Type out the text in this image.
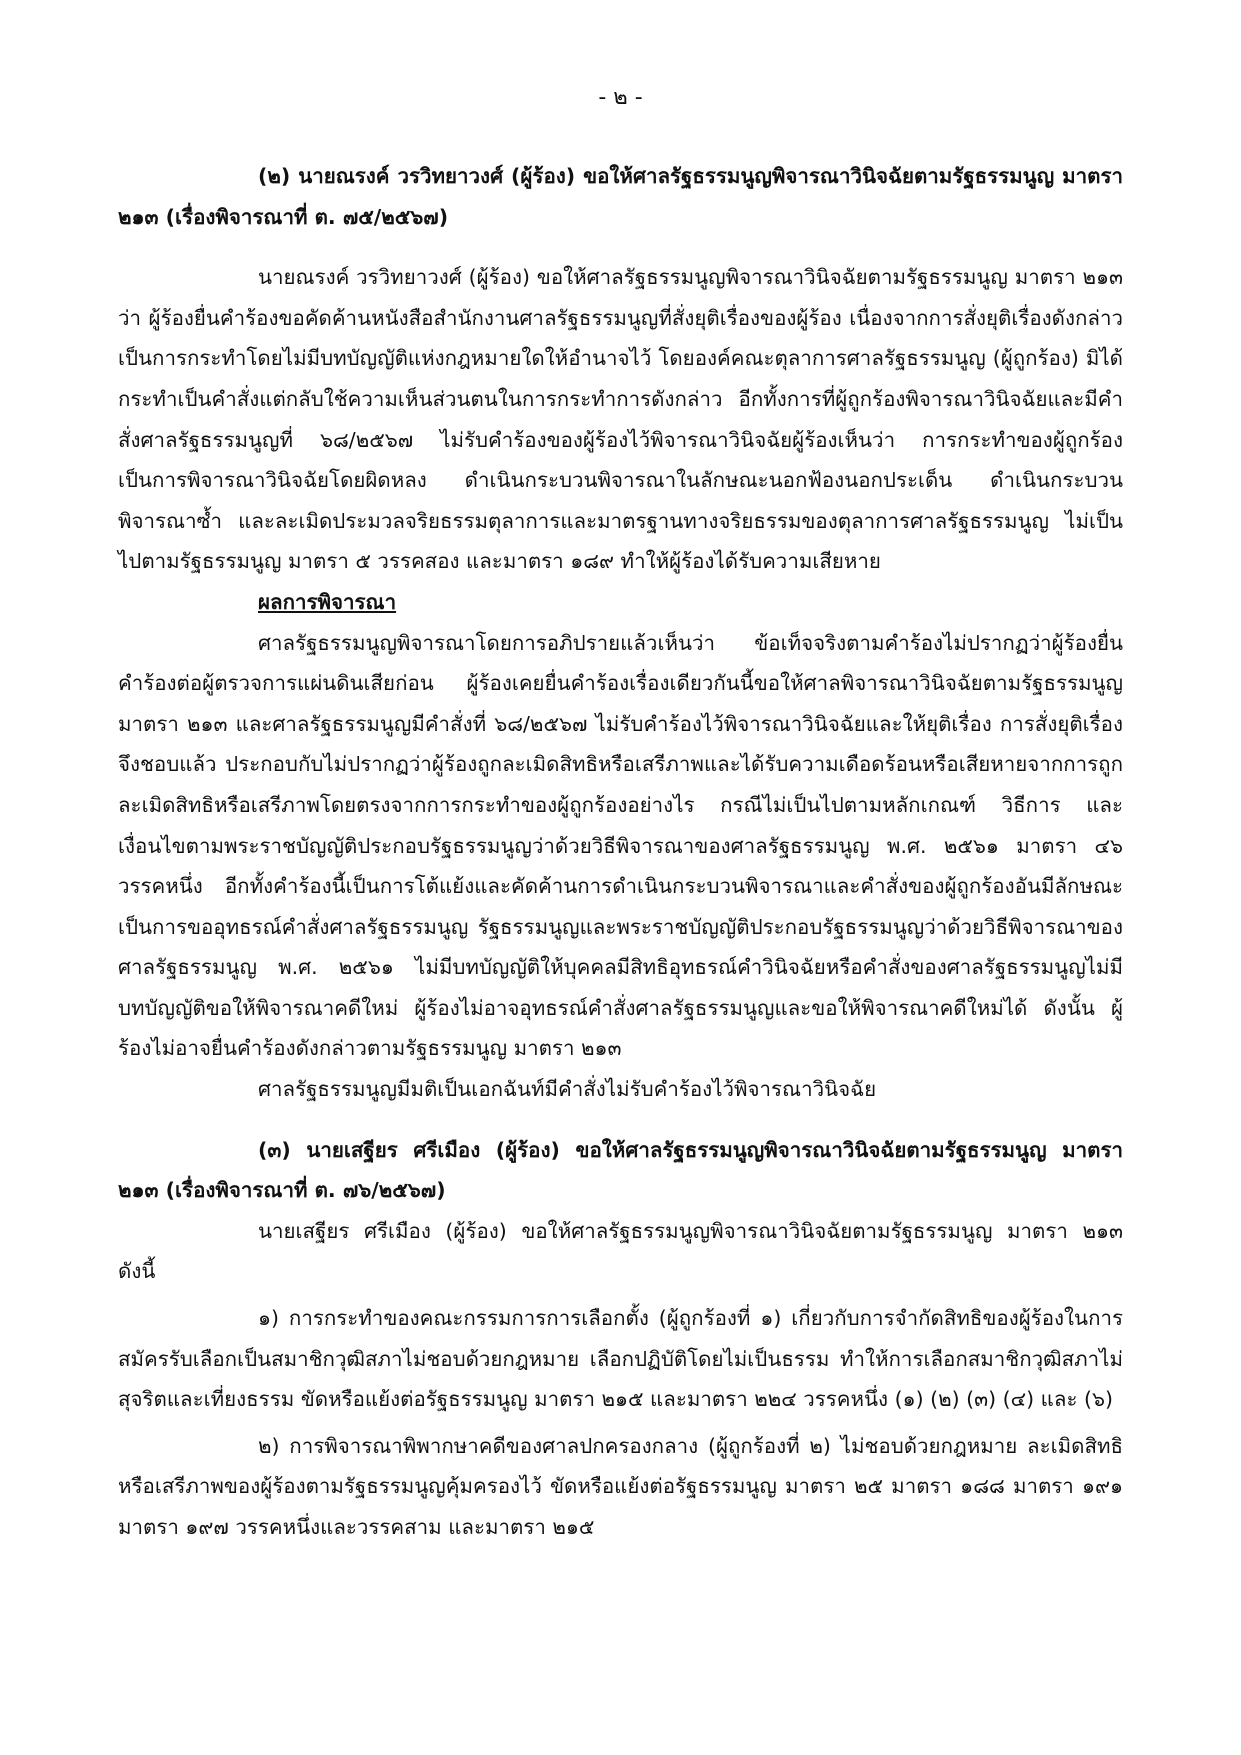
- ๒ -

(๒) นายณรงค์ วรวิทยาวงศ์ (ผู้ร้อง) ขอให้ศาลรัฐธรรมนูญพิจารณาวินิจฉัยตามรัฐธรรมนูญ มาตรา ๒๑๓ (เรื่องพิจารณาที่ ต. ๗๕/๒๕๖๗)

นายณรงค์ วรวิทยาวงศ์ (ผู้ร้อง) ขอให้ศาลรัฐธรรมนูญพิจารณาวินิจฉัยตามรัฐธรรมนูญ มาตรา ๒๑๓ ว่า ผู้ร้องยื่นคำร้องขอคัดค้านหนังสือสำนักงานศาลรัฐธรรมนูญที่สั่งยุติเรื่องของผู้ร้อง เนื่องจากการสั่งยุติเรื่องดังกล่าวเป็นการกระทำโดยไม่มีบทบัญญัติแห่งกฎหมายใดให้อำนาจไว้ โดยองค์คณะตุลาการศาลรัฐธรรมนูญ (ผู้ถูกร้อง) มิได้กระทำเป็นคำสั่งแต่กลับใช้ความเห็นส่วนตนในการกระทำการดังกล่าว อีกทั้งการที่ผู้ถูกร้องพิจารณาวินิจฉัยและมีคำสั่งศาลรัฐธรรมนูญที่ ๖๘/๒๕๖๗ ไม่รับคำร้องของผู้ร้องไว้พิจารณาวินิจฉัยผู้ร้องเห็นว่า การกระทำของผู้ถูกร้องเป็นการพิจารณาวินิจฉัยโดยผิดหลง ดำเนินกระบวนพิจารณาในลักษณะนอกฟ้องนอกประเด็น ดำเนินกระบวนพิจารณาซ้ำ และละเมิดประมวลจริยธรรมตุลาการและมาตรฐานทางจริยธรรมของตุลาการศาลรัฐธรรมนูญ ไม่เป็นไปตามรัฐธรรมนูญ มาตรา ๕ วรรคสอง และมาตรา ๑๘๙ ทำให้ผู้ร้องได้รับความเสียหาย

ผลการพิจารณา

ศาลรัฐธรรมนูญพิจารณาโดยการอภิปรายแล้วเห็นว่า ข้อเท็จจริงตามคำร้องไม่ปรากฏว่าผู้ร้องยื่นคำร้องต่อผู้ตรวจการแผ่นดินเสียก่อน ผู้ร้องเคยยื่นคำร้องเรื่องเดียวกันนี้ขอให้ศาลพิจารณาวินิจฉัยตามรัฐธรรมนูญ มาตรา ๒๑๓ และศาลรัฐธรรมนูญมีคำสั่งที่ ๖๘/๒๕๖๗ ไม่รับคำร้องไว้พิจารณาวินิจฉัยและให้ยุติเรื่อง การสั่งยุติเรื่องจึงชอบแล้ว ประกอบกับไม่ปรากฏว่าผู้ร้องถูกละเมิดสิทธิหรือเสรีภาพและได้รับความเดือดร้อนหรือเสียหายจากการถูกละเมิดสิทธิหรือเสรีภาพโดยตรงจากการกระทำของผู้ถูกร้องอย่างไร กรณีไม่เป็นไปตามหลักเกณฑ์ วิธีการ และเงื่อนไขตามพระราชบัญญัติประกอบรัฐธรรมนูญว่าด้วยวิธีพิจารณาของศาลรัฐธรรมนูญ พ.ศ. ๒๕๖๑ มาตรา ๔๖ วรรคหนึ่ง อีกทั้งคำร้องนี้เป็นการโต้แย้งและคัดค้านการดำเนินกระบวนพิจารณาและคำสั่งของผู้ถูกร้องอันมีลักษณะเป็นการขออุทธรณ์คำสั่งศาลรัฐธรรมนูญ รัฐธรรมนูญและพระราชบัญญัติประกอบรัฐธรรมนูญว่าด้วยวิธีพิจารณาของศาลรัฐธรรมนูญ พ.ศ. ๒๕๖๑ ไม่มีบทบัญญัติให้บุคคลมีสิทธิอุทธรณ์คำวินิจฉัยหรือคำสั่งของศาลรัฐธรรมนูญไม่มีบทบัญญัติขอให้พิจารณาคดีใหม่ ผู้ร้องไม่อาจอุทธรณ์คำสั่งศาลรัฐธรรมนูญและขอให้พิจารณาคดีใหม่ได้ ดังนั้น ผู้ร้องไม่อาจยื่นคำร้องดังกล่าวตามรัฐธรรมนูญ มาตรา ๒๑๓

ศาลรัฐธรรมนูญมีมติเป็นเอกฉันท์มีคำสั่งไม่รับคำร้องไว้พิจารณาวินิจฉัย

(๓) นายเสฐียร ศรีเมือง (ผู้ร้อง) ขอให้ศาลรัฐธรรมนูญพิจารณาวินิจฉัยตามรัฐธรรมนูญ มาตรา ๒๑๓ (เรื่องพิจารณาที่ ต. ๗๖/๒๕๖๗)

นายเสฐียร ศรีเมือง (ผู้ร้อง) ขอให้ศาลรัฐธรรมนูญพิจารณาวินิจฉัยตามรัฐธรรมนูญ มาตรา ๒๑๓ ดังนี้

๑) การกระทำของคณะกรรมการการเลือกตั้ง (ผู้ถูกร้องที่ ๑) เกี่ยวกับการจำกัดสิทธิของผู้ร้องในการสมัครรับเลือกเป็นสมาชิกวุฒิสภาไม่ชอบด้วยกฎหมาย เลือกปฏิบัติโดยไม่เป็นธรรม ทำให้การเลือกสมาชิกวุฒิสภาไม่สุจริตและเที่ยงธรรม ขัดหรือแย้งต่อรัฐธรรมนูญ มาตรา ๒๑๕ และมาตรา ๒๒๔ วรรคหนึ่ง (๑) (๒) (๓) (๔) และ (๖)

๒) การพิจารณาพิพากษาคดีของศาลปกครองกลาง (ผู้ถูกร้องที่ ๒) ไม่ชอบด้วยกฎหมาย ละเมิดสิทธิหรือเสรีภาพของผู้ร้องตามรัฐธรรมนูญคุ้มครองไว้ ขัดหรือแย้งต่อรัฐธรรมนูญ มาตรา ๒๕ มาตรา ๑๘๘ มาตรา ๑๙๑ มาตรา ๑๙๗ วรรคหนึ่งและวรรคสาม และมาตรา ๒๑๕
